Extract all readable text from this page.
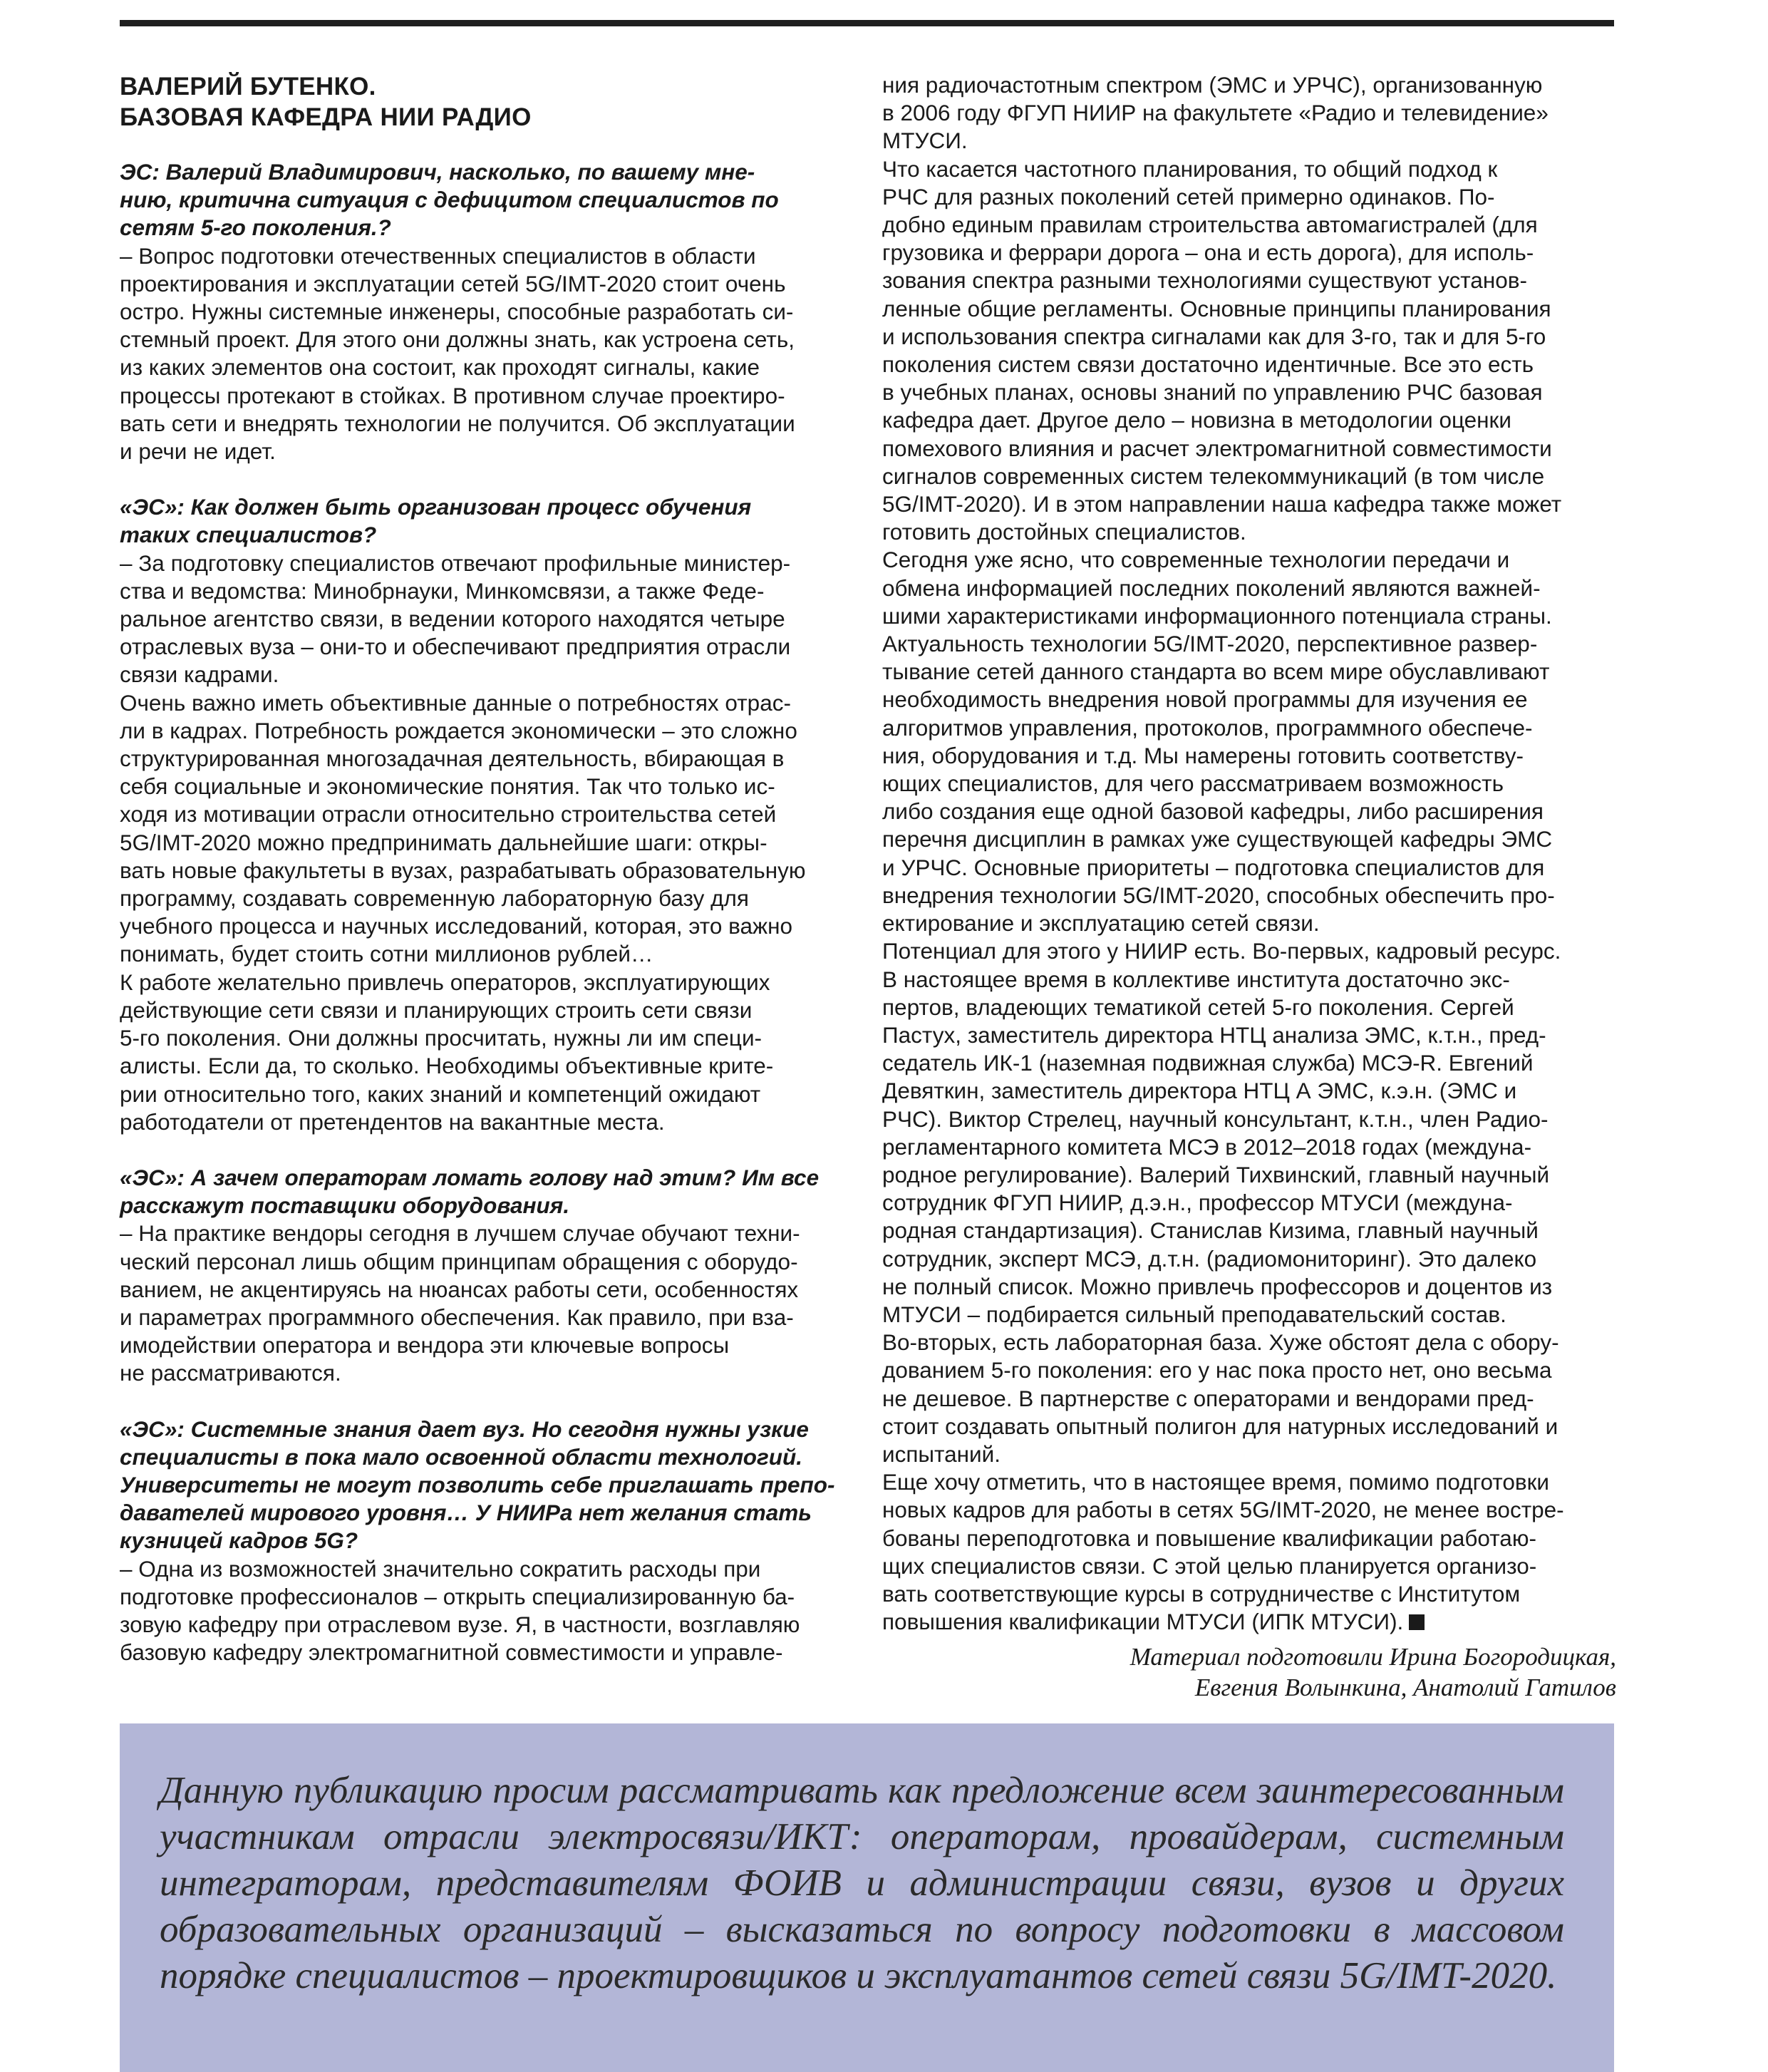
ВАЛЕРИЙ БУТЕНКО.
БАЗОВАЯ КАФЕДРА НИИ РАДИО

ЭС: Валерий Владимирович, насколько, по вашему мне-
нию, критична ситуация с дефицитом специалистов по
сетям 5-го поколения.?

– Вопрос подготовки отечественных специалистов в области
проектирования и эксплуатации сетей 5G/IMT-2020 стоит очень
остро. Нужны системные инженеры, способные разработать си-
стемный проект. Для этого они должны знать, как устроена сеть,
из каких элементов она состоит, как проходят сигналы, какие
процессы протекают в стойках. В противном случае проектиро-
вать сети и внедрять технологии не получится. Об эксплуатации
и речи не идет.

«ЭС»: Как должен быть организован процесс обучения
таких специалистов?

– За подготовку специалистов отвечают профильные министер-
ства и ведомства: Минобрнауки, Минкомсвязи, а также Феде-
ральное агентство связи, в ведении которого находятся четыре
отраслевых вуза – они-то и обеспечивают предприятия отрасли
связи кадрами.
Очень важно иметь объективные данные о потребностях отрас-
ли в кадрах. Потребность рождается экономически – это сложно
структурированная многозадачная деятельность, вбирающая в
себя социальные и экономические понятия. Так что только ис-
ходя из мотивации отрасли относительно строительства сетей
5G/IMT-2020 можно предпринимать дальнейшие шаги: откры-
вать новые факультеты в вузах, разрабатывать образовательную
программу, создавать современную лабораторную базу для
учебного процесса и научных исследований, которая, это важно
понимать, будет стоить сотни миллионов рублей…
К работе желательно привлечь операторов, эксплуатирующих
действующие сети связи и планирующих строить сети связи
5-го поколения. Они должны просчитать, нужны ли им специ-
алисты. Если да, то сколько. Необходимы объективные крите-
рии относительно того, каких знаний и компетенций ожидают
работодатели от претендентов на вакантные места.

«ЭС»: А зачем операторам ломать голову над этим? Им все
расскажут поставщики оборудования.

– На практике вендоры сегодня в лучшем случае обучают техни-
ческий персонал лишь общим принципам обращения с оборудо-
ванием, не акцентируясь на нюансах работы сети, особенностях
и параметрах программного обеспечения. Как правило, при вза-
имодействии оператора и вендора эти ключевые вопросы
не рассматриваются.

«ЭС»: Системные знания дает вуз. Но сегодня нужны узкие
специалисты в пока мало освоенной области технологий.
Университеты не могут позволить себе приглашать препо-
давателей мирового уровня… У НИИРа нет желания стать
кузницей кадров 5G?

– Одна из возможностей значительно сократить расходы при
подготовке профессионалов – открыть специализированную ба-
зовую кафедру при отраслевом вузе. Я, в частности, возглавляю
базовую кафедру электромагнитной совместимости и управле-

ния радиочастотным спектром (ЭМС и УРЧС), организованную
в 2006 году ФГУП НИИР на факультете «Радио и телевидение»
МТУСИ.
Что касается частотного планирования, то общий подход к
РЧС для разных поколений сетей примерно одинаков. По-
добно единым правилам строительства автомагистралей (для
грузовика и феррари дорога – она и есть дорога), для исполь-
зования спектра разными технологиями существуют установ-
ленные общие регламенты. Основные принципы планирования
и использования спектра сигналами как для 3-го, так и для 5-го
поколения систем связи достаточно идентичные. Все это есть
в учебных планах, основы знаний по управлению РЧС базовая
кафедра дает. Другое дело – новизна в методологии оценки
помехового влияния и расчет электромагнитной совместимости
сигналов современных систем телекоммуникаций (в том числе
5G/IMT-2020). И в этом направлении наша кафедра также может
готовить достойных специалистов.
Сегодня уже ясно, что современные технологии передачи и
обмена информацией последних поколений являются важней-
шими характеристиками информационного потенциала страны.
Актуальность технологии 5G/IMT-2020, перспективное развер-
тывание сетей данного стандарта во всем мире обуславливают
необходимость внедрения новой программы для изучения ее
алгоритмов управления, протоколов, программного обеспече-
ния, оборудования и т.д. Мы намерены готовить соответству-
ющих специалистов, для чего рассматриваем возможность
либо создания еще одной базовой кафедры, либо расширения
перечня дисциплин в рамках уже существующей кафедры ЭМС
и УРЧС. Основные приоритеты – подготовка специалистов для
внедрения технологии 5G/IMT-2020, способных обеспечить про-
ектирование и эксплуатацию сетей связи.
Потенциал для этого у НИИР есть. Во-первых, кадровый ресурс.
В настоящее время в коллективе института достаточно экс-
пертов, владеющих тематикой сетей 5-го поколения. Сергей
Пастух, заместитель директора НТЦ анализа ЭМС, к.т.н., пред-
седатель ИК-1 (наземная подвижная служба) МСЭ-R. Евгений
Девяткин, заместитель директора НТЦ А ЭМС, к.э.н. (ЭМС и
РЧС). Виктор Стрелец, научный консультант, к.т.н., член Радио-
регламентарного комитета МСЭ в 2012–2018 годах (междуна-
родное регулирование). Валерий Тихвинский, главный научный
сотрудник ФГУП НИИР, д.э.н., профессор МТУСИ (междуна-
родная стандартизация). Станислав Кизима, главный научный
сотрудник, эксперт МСЭ, д.т.н. (радиомониторинг). Это далеко
не полный список. Можно привлечь профессоров и доцентов из
МТУСИ – подбирается сильный преподавательский состав.
Во-вторых, есть лабораторная база. Хуже обстоят дела с обору-
дованием 5-го поколения: его у нас пока просто нет, оно весьма
не дешевое. В партнерстве с операторами и вендорами пред-
стоит создавать опытный полигон для натурных исследований и
испытаний.
Еще хочу отметить, что в настоящее время, помимо подготовки
новых кадров для работы в сетях 5G/IMT-2020, не менее востре-
бованы переподготовка и повышение квалификации работаю-
щих специалистов связи. С этой целью планируется организо-
вать соответствующие курсы в сотрудничестве с Институтом
повышения квалификации МТУСИ (ИПК МТУСИ).

Материал подготовили Ирина Богородицкая,
Евгения Волынкина, Анатолий Гатилов

Данную публикацию просим рассматривать как предложение всем заинтересованным участникам отрасли электросвязи/ИКТ: операторам, провайдерам, системным интеграторам, представителям ФОИВ и администрации связи, вузов и других образовательных организаций – высказаться по вопросу подготовки в массовом порядке специалистов – проектировщиков и эксплуатантов сетей связи 5G/IMT-2020.
